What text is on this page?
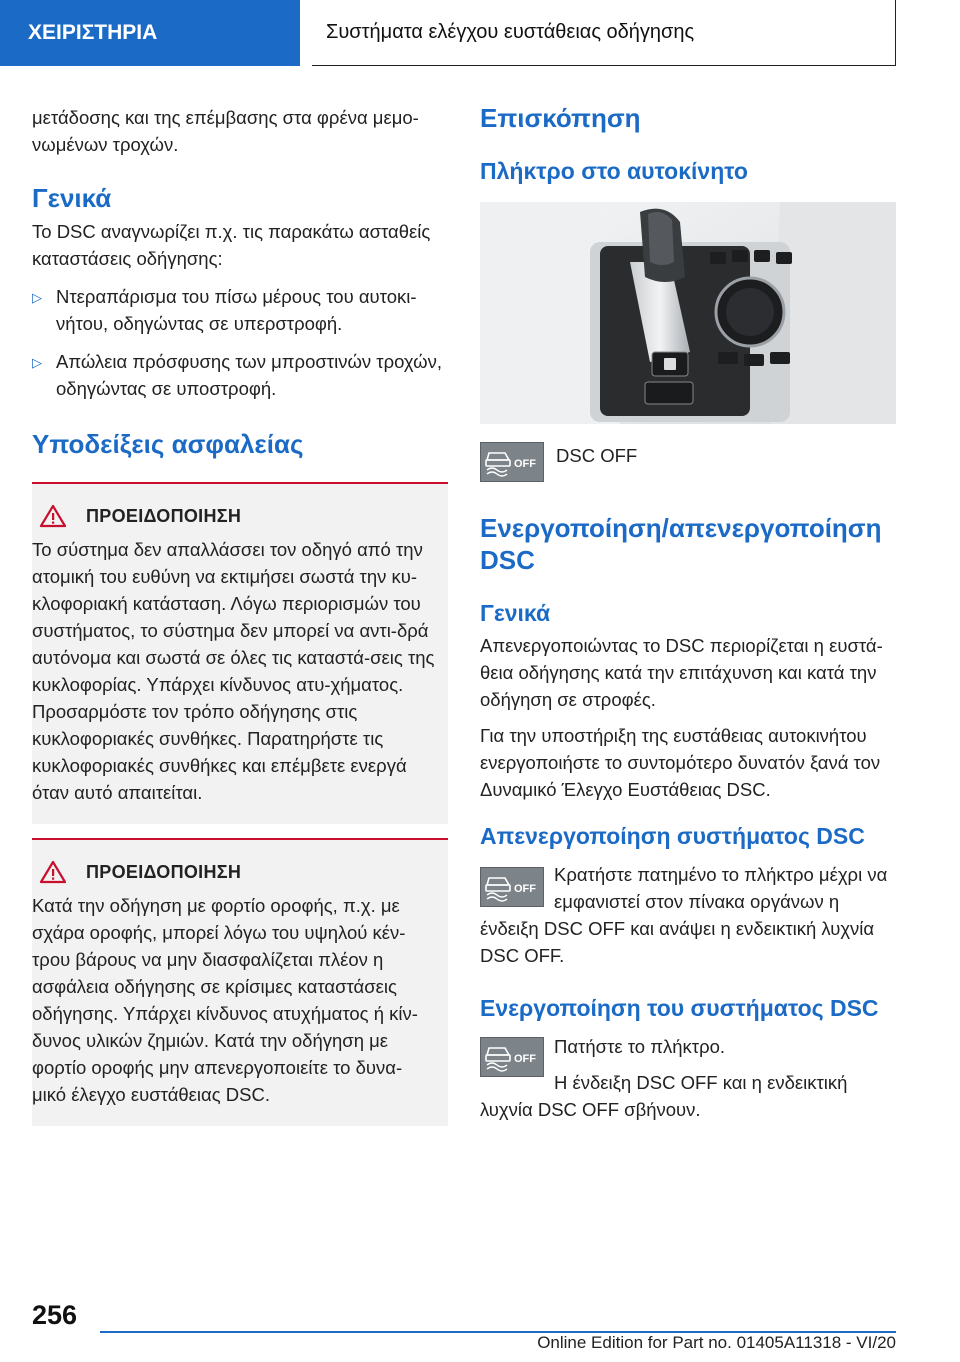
ΧΕΙΡΙΣΤΗΡΙΑ	Συστήματα ελέγχου ευστάθειας οδήγησης

μετάδοσης και της επέμβασης στα φρένα μεμο-

νωμένων τροχών.

Γενικά

Το DSC αναγνωρίζει π.χ. τις παρακάτω ασταθείς καταστάσεις οδήγησης:

▷ Ντεραπάρισμα του πίσω μέρους του αυτοκι-νήτου, οδηγώντας σε υπερστροφή.
▷ Απώλεια πρόσφυσης των μπροστινών τροχών, οδηγώντας σε υποστροφή.
Υποδείξεις ασφαλείας
ΠΡΟΕΙΔΟΠΟΙΗΣΗ

Το σύστημα δεν απαλλάσσει τον οδηγό από την ατομική του ευθύνη να εκτιμήσει σωστά την κυ-κλοφοριακή κατάσταση. Λόγω περιορισμών του συστήματος, το σύστημα δεν μπορεί να αντι-δρά αυτόνομα και σωστά σε όλες τις καταστά-σεις της κυκλοφορίας. Υπάρχει κίνδυνος ατυ-χήματος. Προσαρμόστε τον τρόπο οδήγησης στις κυκλοφοριακές συνθήκες. Παρατηρήστε τις κυκλοφοριακές συνθήκες και επέμβετε ενεργά όταν αυτό απαιτείται.

ΠΡΟΕΙΔΟΠΟΙΗΣΗ

Κατά την οδήγηση με φορτίο οροφής, π.χ. με σχάρα οροφής, μπορεί λόγω του υψηλού κέν-τρου βάρους να μην διασφαλίζεται πλέον η ασφάλεια οδήγησης σε κρίσιμες καταστάσεις οδήγησης. Υπάρχει κίνδυνος ατυχήματος ή κίν-δυνος υλικών ζημιών. Κατά την οδήγηση με φορτίο οροφής μην απενεργοποιείτε το δυνα-μικό έλεγχο ευστάθειας DSC.

Επισκόπηση
Πλήκτρο στο αυτοκίνητο
OFF DSC OFF

Ενεργοποίηση/απενεργοποίηση DSC
Γενικά

Απενεργοποιώντας το DSC περιορίζεται η ευστά-θεια οδήγησης κατά την επιτάχυνση και κατά την οδήγηση σε στροφές.

Για την υποστήριξη της ευστάθειας αυτοκινήτου ενεργοποιήστε το συντομότερο δυνατόν ξανά τον Δυναμικό Έλεγχο Ευστάθειας DSC.

Απενεργοποίηση συστήματος DSC
OFF

Κρατήστε πατημένο το πλήκτρο μέχρι να εμφανιστεί στον πίνακα οργάνων η

ένδειξη DSC OFF και ανάψει η ενδεικτική λυχνία DSC OFF.

Ενεργοποίηση του συστήματος DSC
OFF

Πατήστε το πλήκτρο.

Η ένδειξη DSC OFF και η ενδεικτική

λυχνία DSC OFF σβήνουν.

256
Online Edition for Part no. 01405A11318 - VI/20
